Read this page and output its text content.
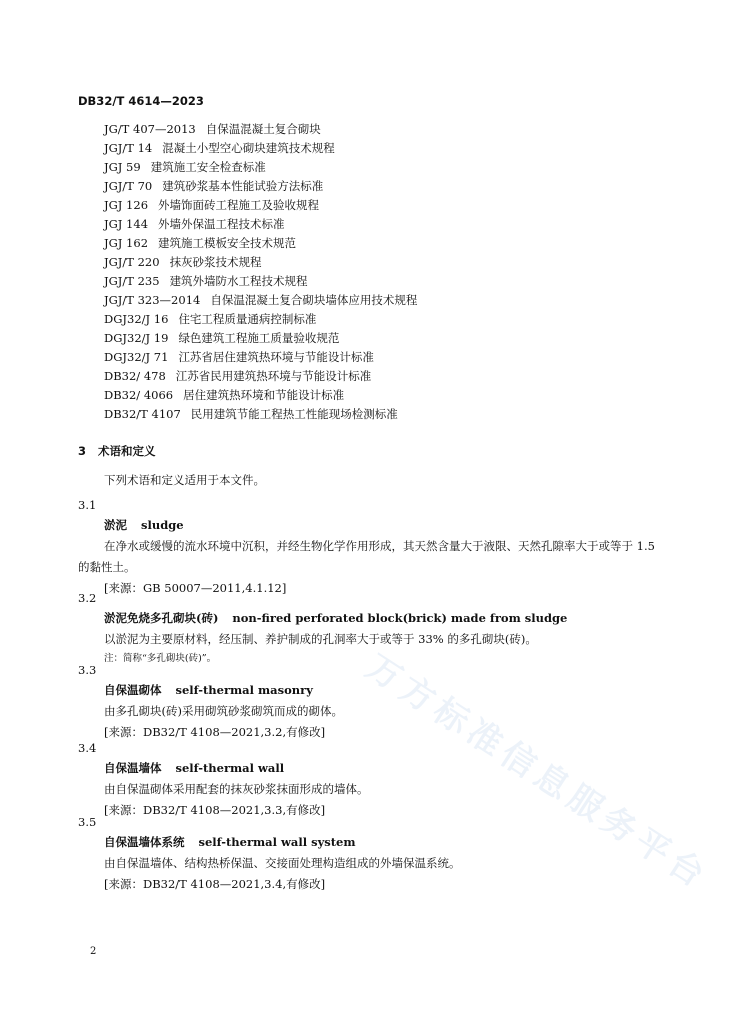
DB32/T 4614—2023
JG/T 407—2013 自保温混凝土复合砌块
JGJ/T 14 混凝土小型空心砌块建筑技术规程
JGJ 59 建筑施工安全检查标准
JGJ/T 70 建筑砂浆基本性能试验方法标准
JGJ 126 外墙饰面砖工程施工及验收规程
JGJ 144 外墙外保温工程技术标准
JGJ 162 建筑施工模板安全技术规范
JGJ/T 220 抹灰砂浆技术规程
JGJ/T 235 建筑外墙防水工程技术规程
JGJ/T 323—2014 自保温混凝土复合砌块墙体应用技术规程
DGJ32/J 16 住宅工程质量通病控制标准
DGJ32/J 19 绿色建筑工程施工质量验收规范
DGJ32/J 71 江苏省居住建筑热环境与节能设计标准
DB32/ 478 江苏省民用建筑热环境与节能设计标准
DB32/ 4066 居住建筑热环境和节能设计标准
DB32/T 4107 民用建筑节能工程热工性能现场检测标准
3 术语和定义
下列术语和定义适用于本文件。
3.1
淤泥 sludge
在净水或缓慢的流水环境中沉积，并经生物化学作用形成，其天然含量大于液限、天然孔隙率大于或等于 1.5 的黏性土。
[来源：GB 50007—2011,4.1.12]
3.2
淤泥免烧多孔砌块(砖) non-fired perforated block(brick) made from sludge
以淤泥为主要原材料，经压制、养护制成的孔洞率大于或等于 33% 的多孔砌块(砖)。
注：简称“多孔砌块(砖)”。
3.3
自保温砌体 self-thermal masonry
由多孔砌块(砖)采用砌筑砂浆砌筑而成的砌体。
[来源：DB32/T 4108—2021,3.2,有修改]
3.4
自保温墙体 self-thermal wall
由自保温砌体采用配套的抹灰砂浆抹面形成的墙体。
[来源：DB32/T 4108—2021,3.3,有修改]
3.5
自保温墙体系统 self-thermal wall system
由自保温墙体、结构热桥保温、交接面处理构造组成的外墙保温系统。
[来源：DB32/T 4108—2021,3.4,有修改] 万方标准信息服务平台
2
